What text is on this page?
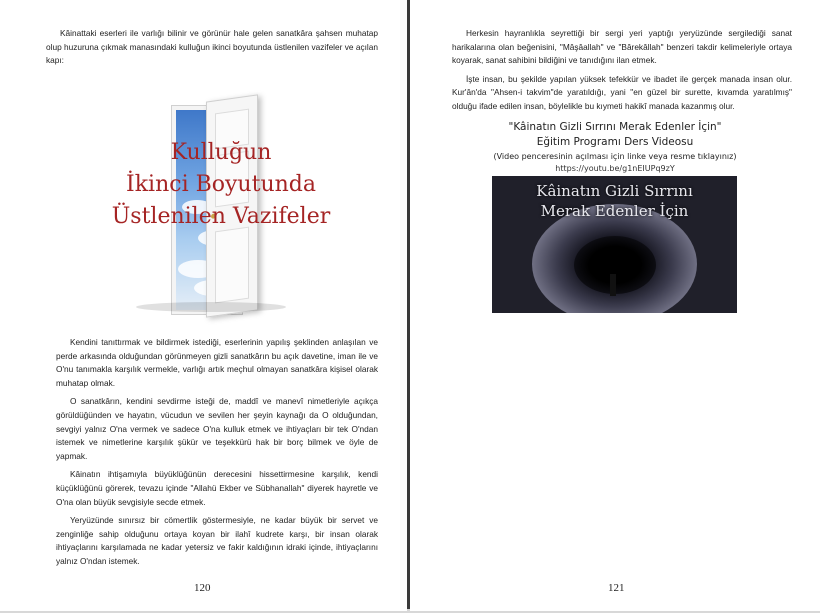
Kâinattaki eserleri ile varlığı bilinir ve görünür hale gelen sanatkâra şahsen muhatap olup huzuruna çıkmak manasındaki kulluğun ikinci boyutunda üstlenilen vazifeler ve açılan kapı:

Kulluğun
İkinci Boyutunda
Üstlenilen Vazifeler

Kendini tanıttırmak ve bildirmek istediği, eserlerinin yapılış şeklinden anlaşılan ve perde arkasında olduğundan görünmeyen gizli sanatkârın bu açık davetine, iman ile ve O'nu tanımakla karşılık vermekle, varlığı artık meçhul olmayan sanatkâra kişisel olarak muhatap olmak.

O sanatkârın, kendini sevdirme isteği de, maddî ve manevî nimetleriyle açıkça görüldüğünden ve hayatın, vücudun ve sevilen her şeyin kaynağı da O olduğundan, sevgiyi yalnız O'na vermek ve sadece O'na kulluk etmek ve ihtiyaçları bir tek O'ndan istemek ve nimetlerine karşılık şükür ve teşekkürü hak bir borç bilmek ve öyle de yapmak.

Kâinatın ihtişamıyla büyüklüğünün derecesini hissettirmesine karşılık, kendi küçüklüğünü görerek, tevazu içinde "Allahü Ekber ve Sübhanallah" diyerek hayretle ve O'na olan büyük sevgisiyle secde etmek.

Yeryüzünde sınırsız bir cömertlik göstermesiyle, ne kadar büyük bir servet ve zenginliğe sahip olduğunu ortaya koyan bir ilahî kudrete karşı, bir insan olarak ihtiyaçlarını karşılamada ne kadar yetersiz ve fakir kaldığının idraki içinde, ihtiyaçlarını yalnız O'ndan istemek.

120

Herkesin hayranlıkla seyrettiği bir sergi yeri yaptığı yeryüzünde sergilediği sanat harikalarına olan beğenisini, "Mâşâallah" ve "Bârekâllah" benzeri takdir kelimeleriyle ortaya koyarak, sanat sahibini bildiğini ve tanıdığını ilan etmek.

İşte insan, bu şekilde yapılan yüksek tefekkür ve ibadet ile gerçek manada insan olur. Kur'ân'da "Ahsen-i takvim"de yaratıldığı, yani "en güzel bir surette, kıvamda yaratılmış" olduğu ifade edilen insan, böylelikle bu kıymeti hakikî manada kazanmış olur.

"Kâinatın Gizli Sırrını Merak Edenler İçin"
Eğitim Programı Ders Videosu
(Video penceresinin açılması için linke veya resme tıklayınız)
https://youtu.be/g1nEIUPq9zY
Kâinatın Gizli Sırrını
Merak Edenler İçin
121
